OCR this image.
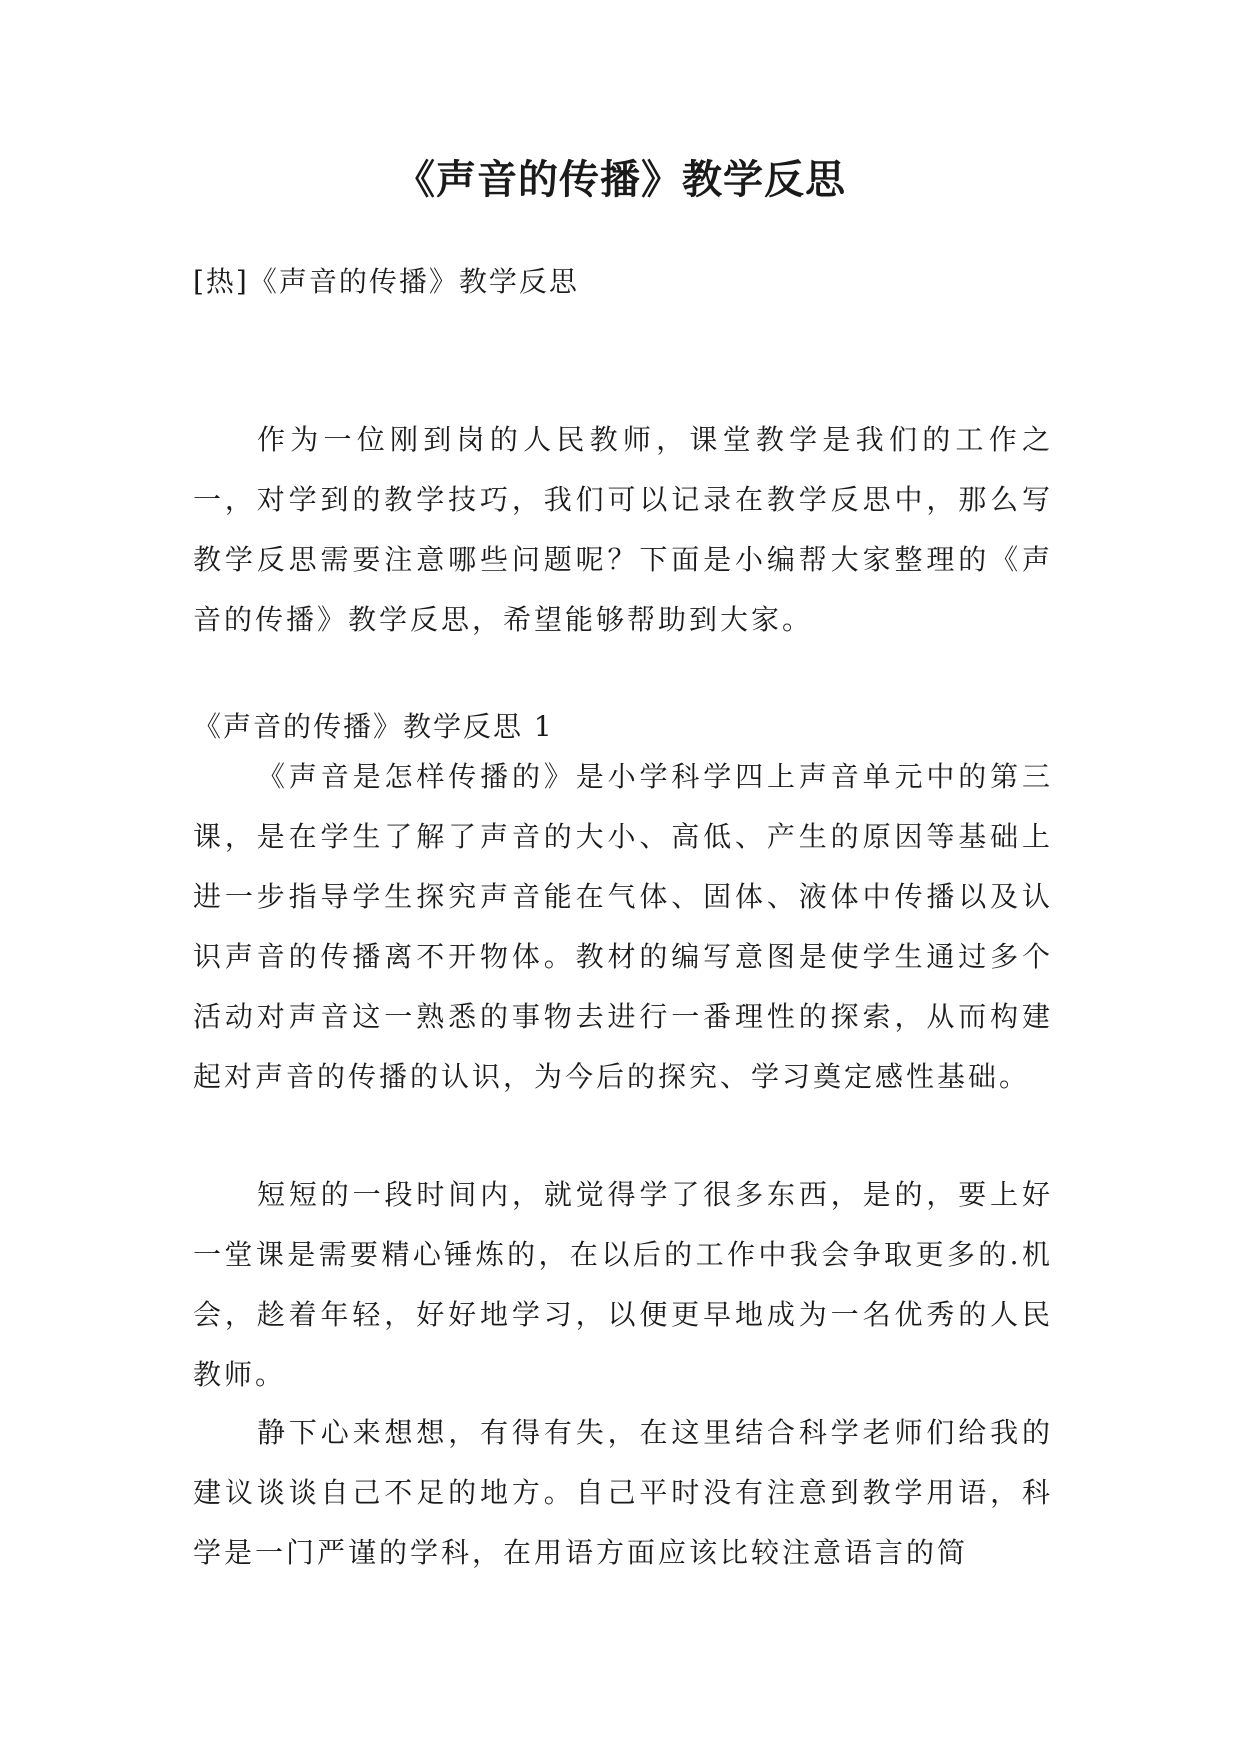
《声音的传播》教学反思

[热]《声音的传播》教学反思

作为一位刚到岗的人民教师，课堂教学是我们的工作之一，对学到的教学技巧，我们可以记录在教学反思中，那么写教学反思需要注意哪些问题呢？下面是小编帮大家整理的《声音的传播》教学反思，希望能够帮助到大家。

《声音的传播》教学反思 1

《声音是怎样传播的》是小学科学四上声音单元中的第三课，是在学生了解了声音的大小、高低、产生的原因等基础上进一步指导学生探究声音能在气体、固体、液体中传播以及认识声音的传播离不开物体。教材的编写意图是使学生通过多个活动对声音这一熟悉的事物去进行一番理性的探索，从而构建起对声音的传播的认识，为今后的探究、学习奠定感性基础。

短短的一段时间内，就觉得学了很多东西，是的，要上好一堂课是需要精心锤炼的，在以后的工作中我会争取更多的.机会，趁着年轻，好好地学习，以便更早地成为一名优秀的人民教师。

静下心来想想，有得有失，在这里结合科学老师们给我的建议谈谈自己不足的地方。自己平时没有注意到教学用语，科学是一门严谨的学科，在用语方面应该比较注意语言的简
